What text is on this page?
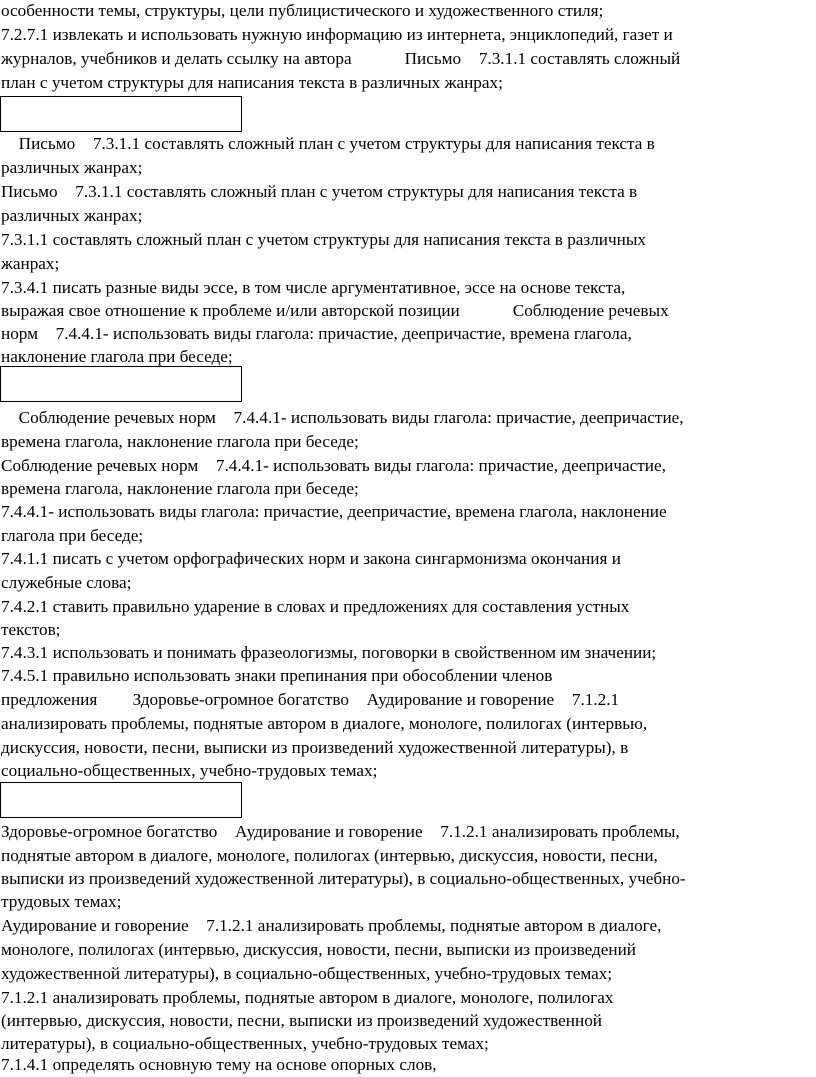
особенности темы, структуры, цели публицистического и художественного стиля;
7.2.7.1 извлекать и использовать нужную информацию из интернета, энциклопедий, газет и
журналов, учебников и делать ссылку на автора Письмо 7.3.1.1 составлять сложный
план с учетом структуры для написания текста в различных жанрах;
Письмо 7.3.1.1 составлять сложный план с учетом структуры для написания текста в
различных жанрах;
Письмо 7.3.1.1 составлять сложный план с учетом структуры для написания текста в
различных жанрах;
7.3.1.1 составлять сложный план с учетом структуры для написания текста в различных
жанрах;
7.3.4.1 писать разные виды эссе, в том числе аргументативное, эссе на основе текста,
выражая свое отношение к проблеме и/или авторской позиции Соблюдение речевых
норм 7.4.4.1- использовать виды глагола: причастие, деепричастие, времена глагола,
наклонение глагола при беседе;
Соблюдение речевых норм 7.4.4.1- использовать виды глагола: причастие, деепричастие,
времена глагола, наклонение глагола при беседе;
Соблюдение речевых норм 7.4.4.1- использовать виды глагола: причастие, деепричастие,
времена глагола, наклонение глагола при беседе;
7.4.4.1- использовать виды глагола: причастие, деепричастие, времена глагола, наклонение
глагола при беседе;
7.4.1.1 писать с учетом орфографических норм и закона сингармонизма окончания и
служебные слова;
7.4.2.1 ставить правильно ударение в словах и предложениях для составления устных
текстов;
7.4.3.1 использовать и понимать фразеологизмы, поговорки в свойственном им значении;
7.4.5.1 правильно использовать знаки препинания при обособлении членов
предложения Здоровье-огромное богатство Аудирование и говорение 7.1.2.1
анализировать проблемы, поднятые автором в диалоге, монологе, полилогах (интервью,
дискуссия, новости, песни, выписки из произведений художественной литературы), в
социально-общественных, учебно-трудовых темах;
Здоровье-огромное богатство Аудирование и говорение 7.1.2.1 анализировать проблемы,
поднятые автором в диалоге, монологе, полилогах (интервью, дискуссия, новости, песни,
выписки из произведений художественной литературы), в социально-общественных, учебно-
трудовых темах;
Аудирование и говорение 7.1.2.1 анализировать проблемы, поднятые автором в диалоге,
монологе, полилогах (интервью, дискуссия, новости, песни, выписки из произведений
художественной литературы), в социально-общественных, учебно-трудовых темах;
7.1.2.1 анализировать проблемы, поднятые автором в диалоге, монологе, полилогах
(интервью, дискуссия, новости, песни, выписки из произведений художественной
литературы), в социально-общественных, учебно-трудовых темах;
7.1.4.1 определять основную тему на основе опорных слов,
